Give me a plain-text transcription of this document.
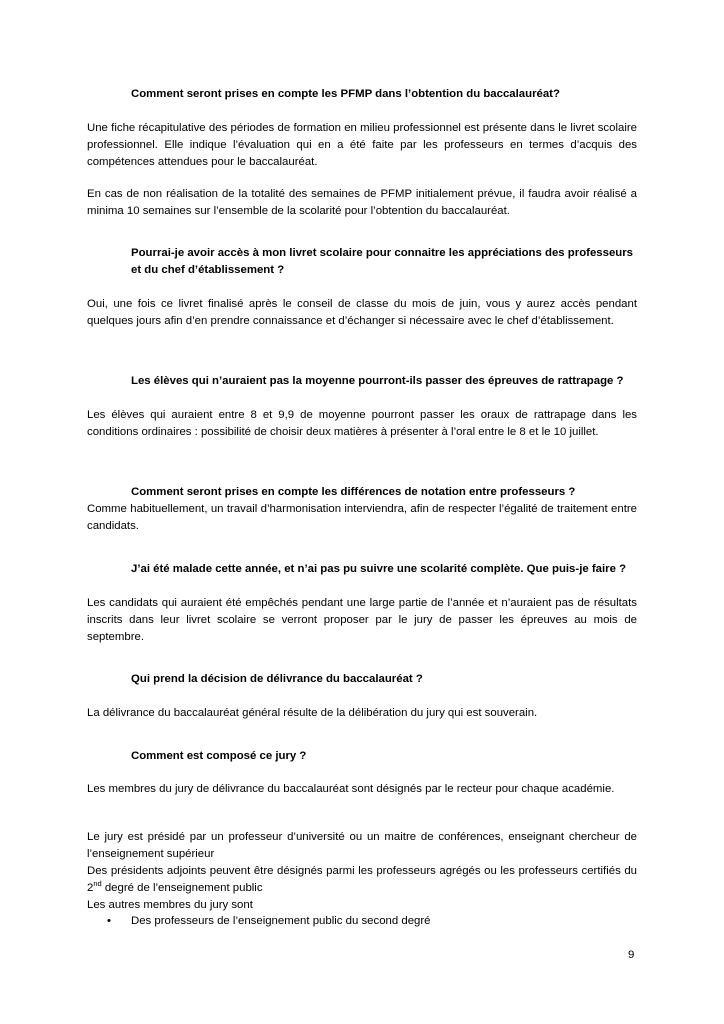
Comment seront prises en compte les PFMP dans l’obtention du baccalauréat?

Une fiche récapitulative des périodes de formation en milieu professionnel est présente dans le livret scolaire professionnel. Elle indique l’évaluation qui en a été faite par les professeurs en termes d’acquis des compétences attendues pour le baccalauréat.

En cas de non réalisation de la totalité des semaines de PFMP initialement prévue, il faudra avoir réalisé a minima 10 semaines sur l’ensemble de la scolarité pour l’obtention du baccalauréat.

Pourrai-je avoir accès à mon livret scolaire pour connaitre les appréciations des professeurs et du chef d’établissement ?

Oui, une fois ce livret finalisé après le conseil de classe du mois de juin, vous y aurez accès pendant quelques jours afin d’en prendre connaissance et d’échanger si nécessaire avec le chef d’établissement.

Les élèves qui n’auraient pas la moyenne pourront-ils passer des épreuves de rattrapage ?

Les élèves qui auraient entre 8 et 9,9 de moyenne pourront passer les oraux de rattrapage dans les conditions ordinaires : possibilité de choisir deux matières à présenter à l’oral entre le 8 et le 10 juillet.

Comment seront prises en compte les différences de notation entre professeurs ?

Comme habituellement, un travail d’harmonisation interviendra, afin de respecter l’égalité de traitement entre candidats.

J’ai été malade cette année, et n’ai pas pu suivre une scolarité complète. Que puis-je faire ?

Les candidats qui auraient été empêchés pendant une large partie de l’année et n’auraient pas de résultats inscrits dans leur livret scolaire se verront proposer par le jury de passer les épreuves au mois de septembre.

Qui prend la décision de délivrance du baccalauréat ?

La délivrance du baccalauréat général résulte de la délibération du jury qui est souverain.

Comment est composé ce jury ?

Les membres du jury de délivrance du baccalauréat sont désignés par le recteur pour chaque académie.

Le jury est présidé par un professeur d’université ou un maitre de conférences, enseignant chercheur de l’enseignement supérieur

Des présidents adjoints peuvent être désignés parmi les professeurs agrégés ou les professeurs certifiés du 2nd degré de l’enseignement public

Les autres membres du jury sont

• Des professeurs de l’enseignement public du second degré
9
